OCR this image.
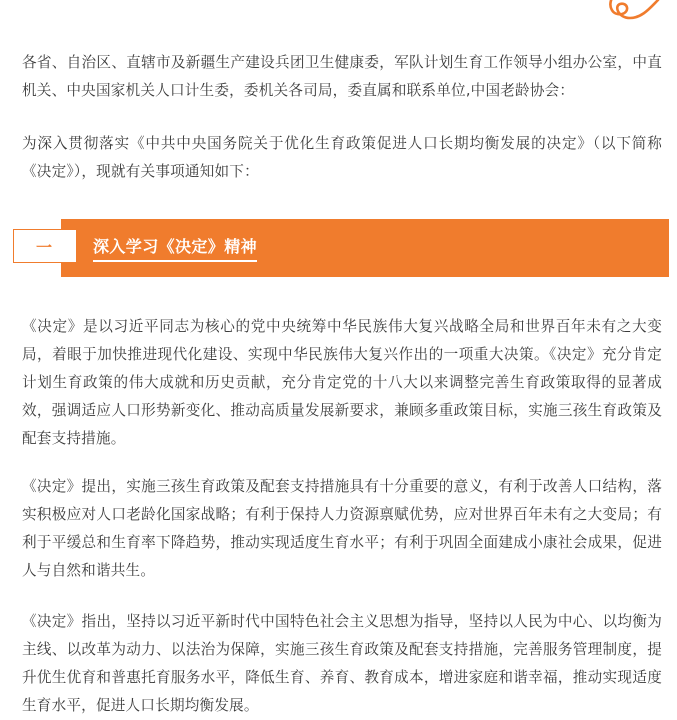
各省、自治区、直辖市及新疆生产建设兵团卫生健康委，军队计划生育工作领导小组办公室，中直机关、中央国家机关人口计生委，委机关各司局，委直属和联系单位,中国老龄协会：

为深入贯彻落实《中共中央国务院关于优化生育政策促进人口长期均衡发展的决定》（以下简称《决定》），现就有关事项通知如下：

一 深入学习《决定》精神

《决定》是以习近平同志为核心的党中央统筹中华民族伟大复兴战略全局和世界百年未有之大变局，着眼于加快推进现代化建设、实现中华民族伟大复兴作出的一项重大决策。《决定》充分肯定计划生育政策的伟大成就和历史贡献，充分肯定党的十八大以来调整完善生育政策取得的显著成效，强调适应人口形势新变化、推动高质量发展新要求，兼顾多重政策目标，实施三孩生育政策及配套支持措施。

《决定》提出，实施三孩生育政策及配套支持措施具有十分重要的意义，有利于改善人口结构，落实积极应对人口老龄化国家战略；有利于保持人力资源禀赋优势，应对世界百年未有之大变局；有利于平缓总和生育率下降趋势，推动实现适度生育水平；有利于巩固全面建成小康社会成果，促进人与自然和谐共生。

《决定》指出，坚持以习近平新时代中国特色社会主义思想为指导，坚持以人民为中心、以均衡为主线、以改革为动力、以法治为保障，实施三孩生育政策及配套支持措施，完善服务管理制度，提升优生优育和普惠托育服务水平，降低生育、养育、教育成本，增进家庭和谐幸福，推动实现适度生育水平，促进人口长期均衡发展。
